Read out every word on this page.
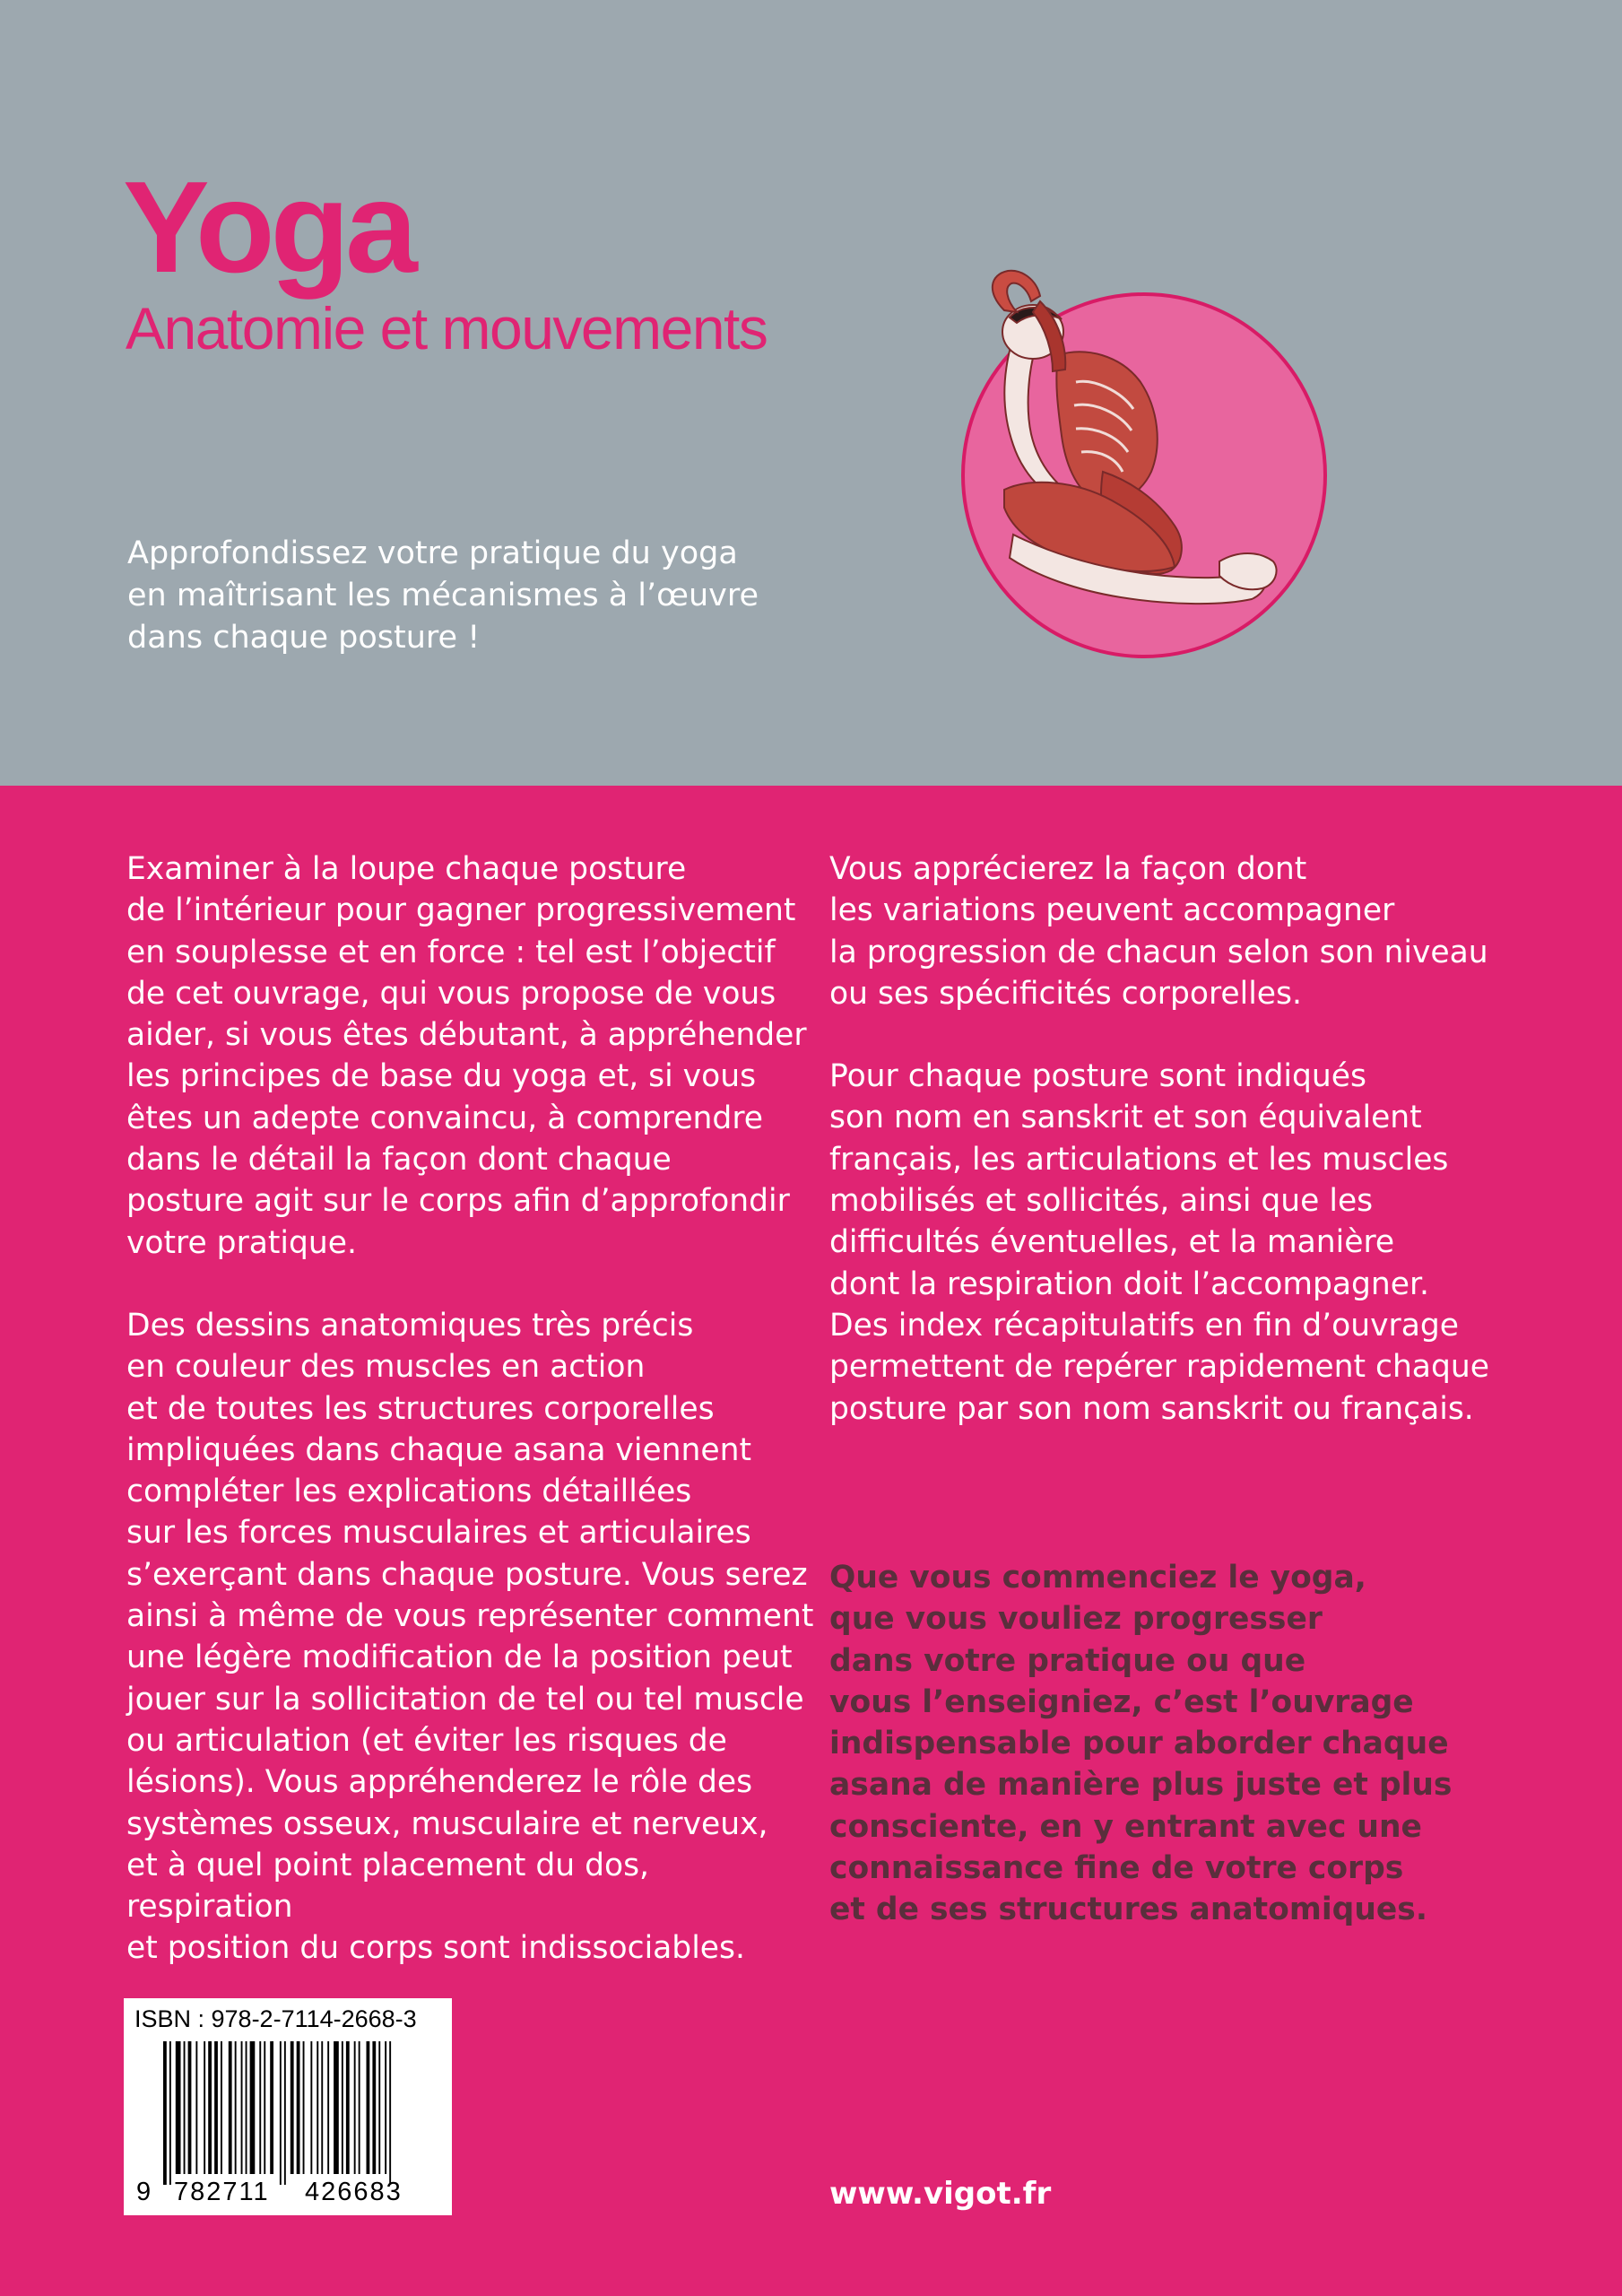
Yoga
Anatomie et mouvements

Approfondissez votre pratique du yoga
en maîtrisant les mécanismes à l’œuvre
dans chaque posture !

Examiner à la loupe chaque posture
de l’intérieur pour gagner progressivement
en souplesse et en force : tel est l’objectif
de cet ouvrage, qui vous propose de vous
aider, si vous êtes débutant, à appréhender
les principes de base du yoga et, si vous
êtes un adepte convaincu, à comprendre
dans le détail la façon dont chaque
posture agit sur le corps afin d’approfondir
votre pratique.

Des dessins anatomiques très précis
en couleur des muscles en action
et de toutes les structures corporelles
impliquées dans chaque asana viennent
compléter les explications détaillées
sur les forces musculaires et articulaires
s’exerçant dans chaque posture. Vous serez
ainsi à même de vous représenter comment
une légère modification de la position peut
jouer sur la sollicitation de tel ou tel muscle
ou articulation (et éviter les risques de
lésions). Vous appréhenderez le rôle des
systèmes osseux, musculaire et nerveux,
et à quel point placement du dos, respiration
et position du corps sont indissociables.

Vous apprécierez la façon dont
les variations peuvent accompagner
la progression de chacun selon son niveau
ou ses spécificités corporelles.

Pour chaque posture sont indiqués
son nom en sanskrit et son équivalent
français, les articulations et les muscles
mobilisés et sollicités, ainsi que les
difficultés éventuelles, et la manière
dont la respiration doit l’accompagner.
Des index récapitulatifs en fin d’ouvrage
permettent de repérer rapidement chaque
posture par son nom sanskrit ou français.

Que vous commenciez le yoga,
que vous vouliez progresser
dans votre pratique ou que
vous l’enseigniez, c’est l’ouvrage
indispensable pour aborder chaque
asana de manière plus juste et plus
consciente, en y entrant avec une
connaissance fine de votre corps
et de ses structures anatomiques.

ISBN : 978-2-7114-2668-3
9 782711 426683	www.vigot.fr
